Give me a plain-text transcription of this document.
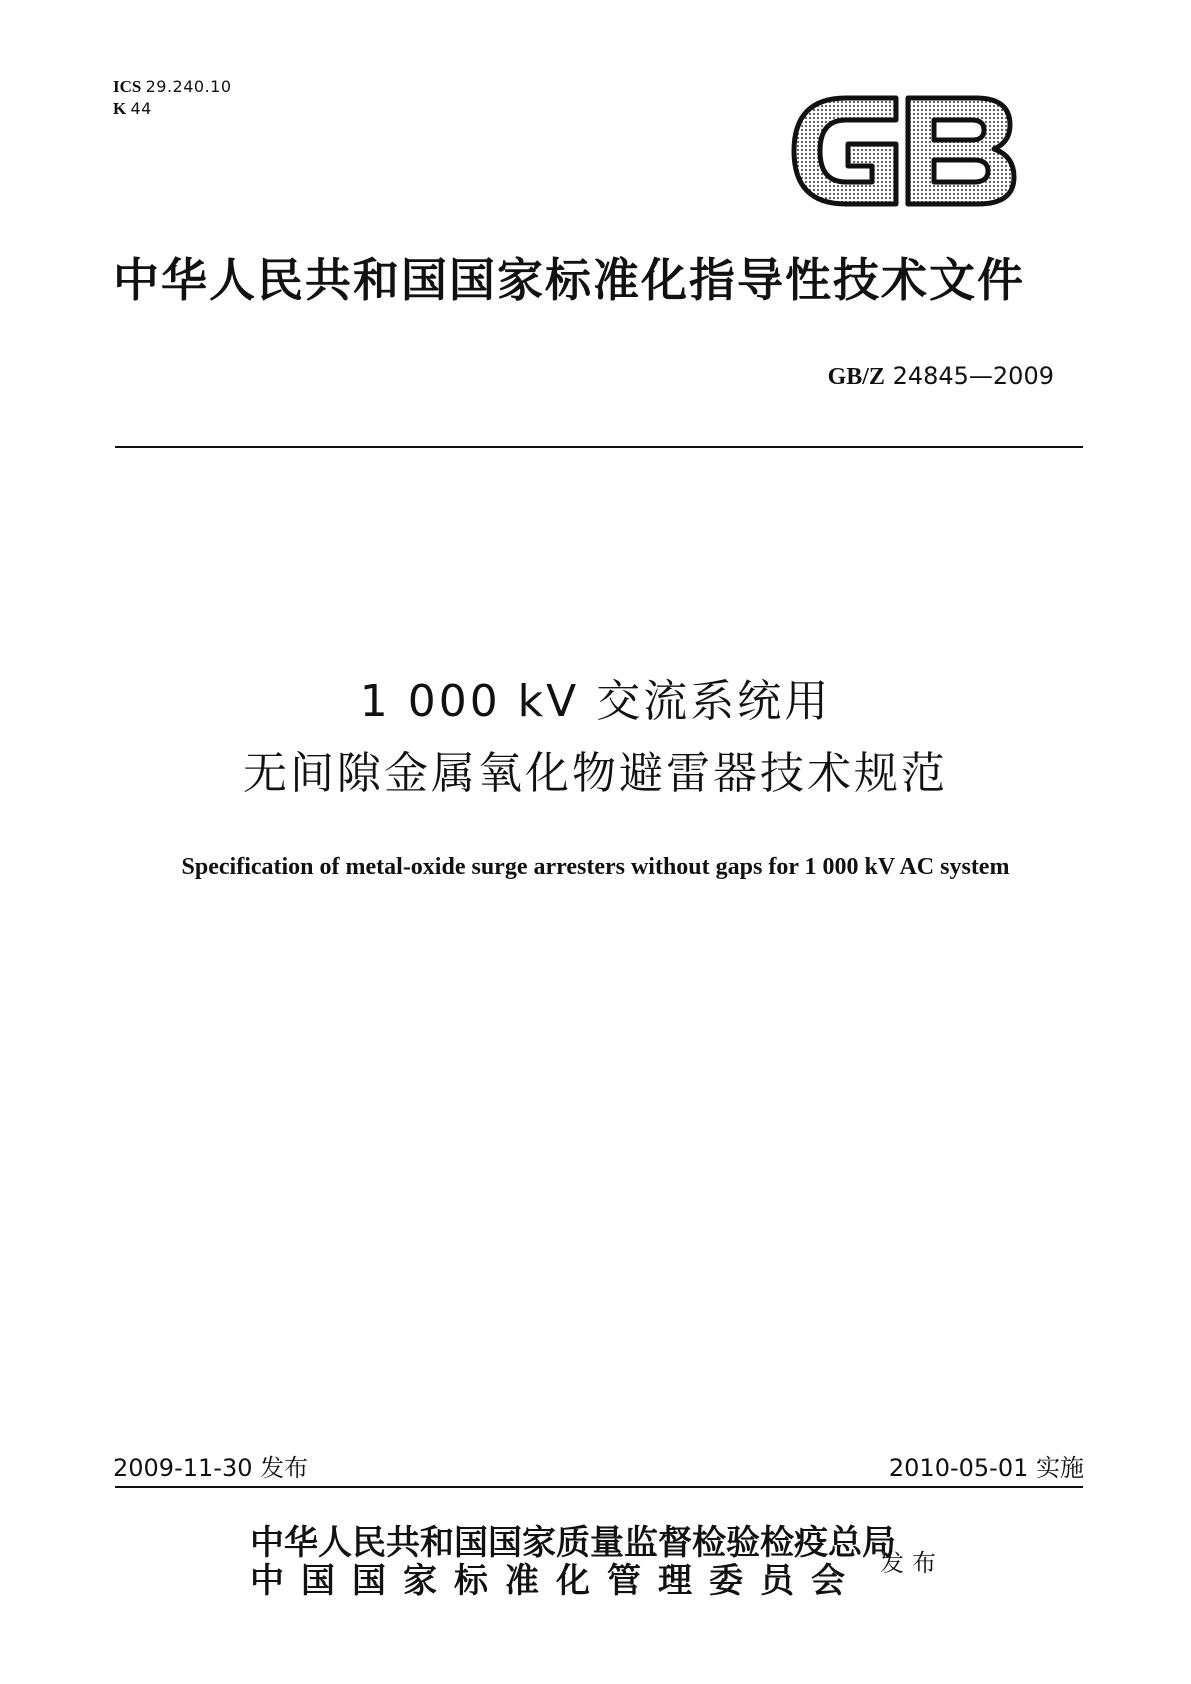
ICS 29.240.10
K 44
中华人民共和国国家标准化指导性技术文件
GB/Z 24845—2009
1 000 kV 交流系统用
无间隙金属氧化物避雷器技术规范
Specification of metal-oxide surge arresters without gaps for 1 000 kV AC system
2009-11-30 发布	2010-05-01 实施
中华人民共和国国家质量监督检验检疫总局
中国国家标准化管理委员会 发布
